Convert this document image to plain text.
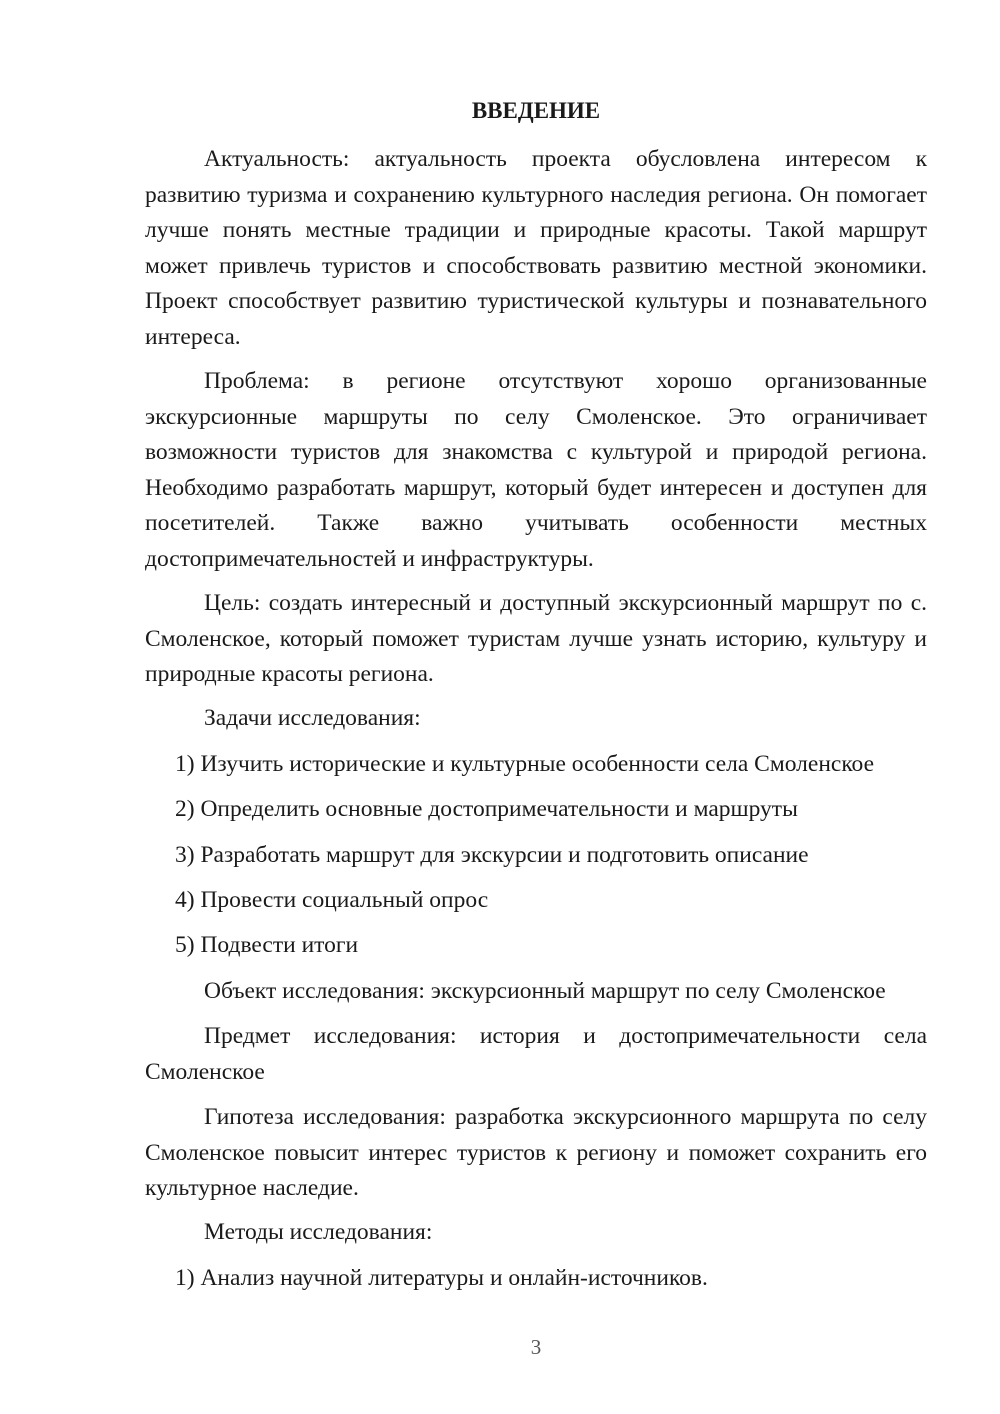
ВВЕДЕНИЕ

Актуальность: актуальность проекта обусловлена интересом к развитию туризма и сохранению культурного наследия региона. Он помогает лучше понять местные традиции и природные красоты. Такой маршрут может привлечь туристов и способствовать развитию местной экономики. Проект способствует развитию туристической культуры и познавательного интереса.

Проблема: в регионе отсутствуют хорошо организованные экскурсионные маршруты по селу Смоленское. Это ограничивает возможности туристов для знакомства с культурой и природой региона. Необходимо разработать маршрут, который будет интересен и доступен для посетителей. Также важно учитывать особенности местных достопримечательностей и инфраструктуры.

Цель: создать интересный и доступный экскурсионный маршрут по с. Смоленское, который поможет туристам лучше узнать историю, культуру и природные красоты региона.

Задачи исследования:

1) Изучить исторические и культурные особенности села Смоленское

2) Определить основные достопримечательности и маршруты

3) Разработать маршрут для экскурсии и подготовить описание

4) Провести социальный опрос

5) Подвести итоги

Объект исследования: экскурсионный маршрут по селу Смоленское

Предмет исследования: история и достопримечательности села Смоленское

Гипотеза исследования: разработка экскурсионного маршрута по селу Смоленское повысит интерес туристов к региону и поможет сохранить его культурное наследие.

Методы исследования:

1) Анализ научной литературы и онлайн-источников.

3
